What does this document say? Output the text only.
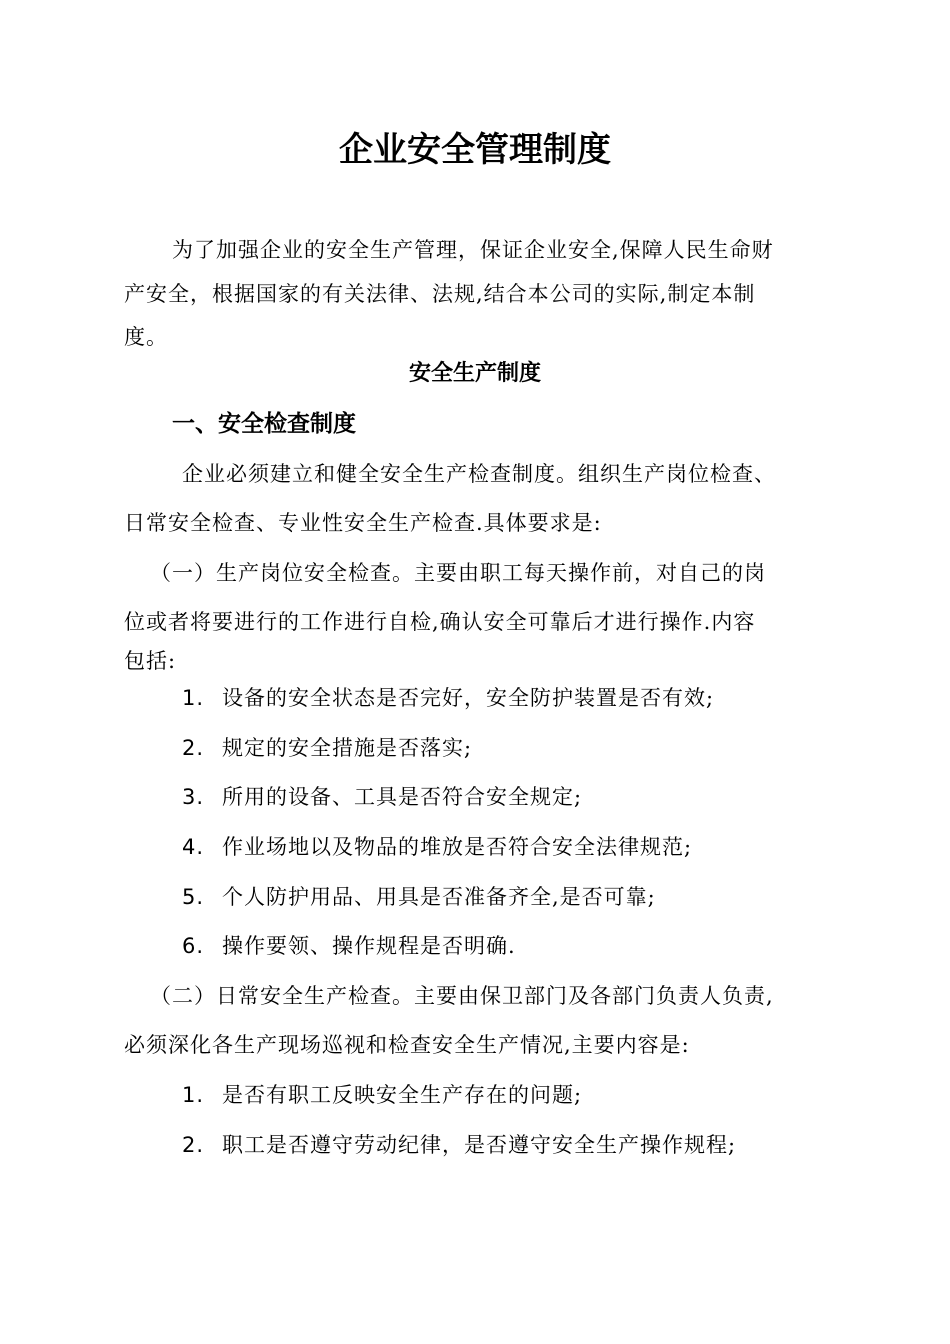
企业安全管理制度
为了加强企业的安全生产管理，保证企业安全,保障人民生命财
产安全，根据国家的有关法律、法规,结合本公司的实际,制定本制
度。
安全生产制度
一、安全检查制度
企业必须建立和健全安全生产检查制度。组织生产岗位检查、
日常安全检查、专业性安全生产检查.具体要求是:
（一）生产岗位安全检查。主要由职工每天操作前，对自己的岗
位或者将要进行的工作进行自检,确认安全可靠后才进行操作.内容
包括:
1. 设备的安全状态是否完好，安全防护装置是否有效;
2. 规定的安全措施是否落实;
3. 所用的设备、工具是否符合安全规定;
4. 作业场地以及物品的堆放是否符合安全法律规范;
5. 个人防护用品、用具是否准备齐全,是否可靠;
6. 操作要领、操作规程是否明确.
（二）日常安全生产检查。主要由保卫部门及各部门负责人负责,
必须深化各生产现场巡视和检查安全生产情况,主要内容是:
1. 是否有职工反映安全生产存在的问题;
2. 职工是否遵守劳动纪律，是否遵守安全生产操作规程;
